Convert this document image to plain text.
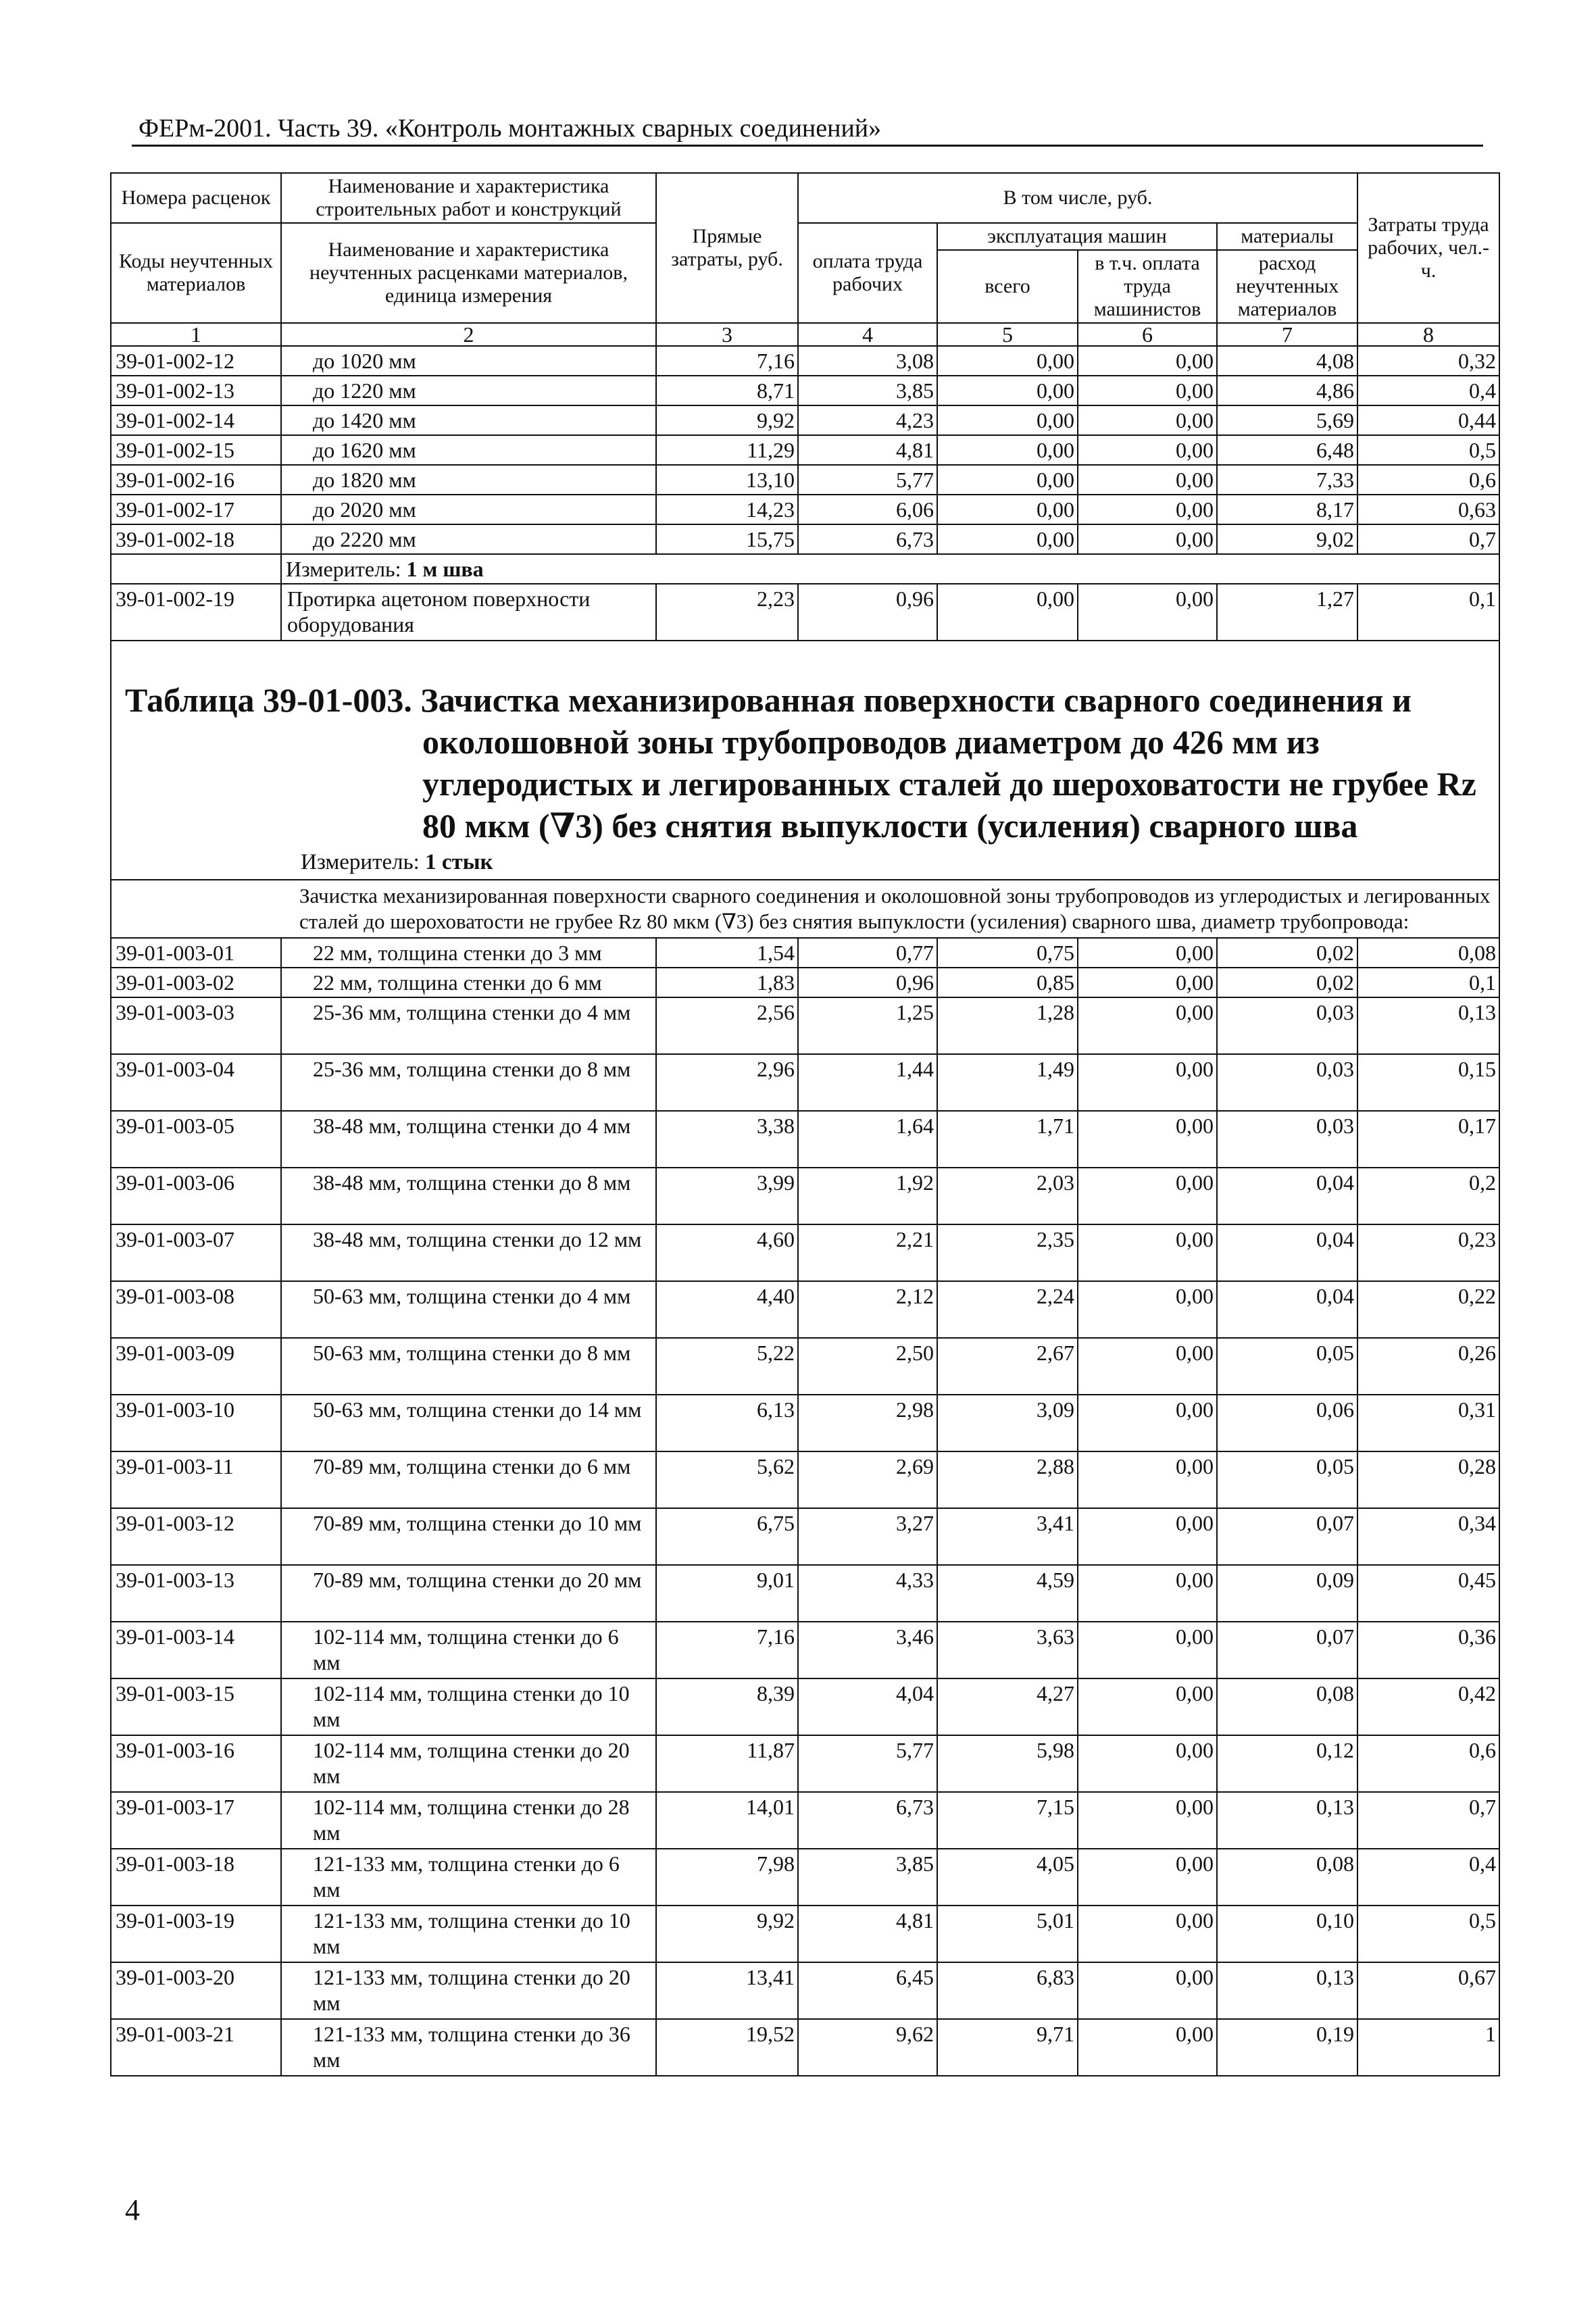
ФЕРм-2001. Часть 39. «Контроль монтажных сварных соединений»
Номера расценок	Наименование и характеристика строительных работ и конструкций	Прямые затраты, руб.	В том числе, руб.				Затраты труда рабочих, чел.-ч.
Коды неучтенных материалов	Наименование и характеристика неучтенных расценками материалов, единица измерения		оплата труда рабочих	эксплуатация машин		материалы	
				всего	в т.ч. оплата труда машинистов	расход неучтенных материалов	
1	2	3	4	5	6	7	8
39-01-002-12	до 1020 мм	7,16	3,08	0,00	0,00	4,08	0,32
39-01-002-13	до 1220 мм	8,71	3,85	0,00	0,00	4,86	0,4
39-01-002-14	до 1420 мм	9,92	4,23	0,00	0,00	5,69	0,44
39-01-002-15	до 1620 мм	11,29	4,81	0,00	0,00	6,48	0,5
39-01-002-16	до 1820 мм	13,10	5,77	0,00	0,00	7,33	0,6
39-01-002-17	до 2020 мм	14,23	6,06	0,00	0,00	8,17	0,63
39-01-002-18	до 2220 мм	15,75	6,73	0,00	0,00	9,02	0,7
	Измеритель: 1 м шва						
39-01-002-19	Протирка ацетоном поверхности оборудования	2,23	0,96	0,00	0,00	1,27	0,1

Таблица 39-01-003. Зачистка механизированная поверхности сварного соединения и
околошовной зоны трубопроводов диаметром до 426 мм из
углеродистых и легированных сталей до шероховатости не грубее Rz
80 мкм (∇3) без снятия выпуклости (усиления) сварного шва
Измеритель: 1 стык							

Зачистка механизированная поверхности сварного соединения и околошовной зоны трубопроводов из углеродистых и легированных сталей до шероховатости не грубее Rz 80 мкм (∇3) без снятия выпуклости (усиления) сварного шва, диаметр трубопровода:							
39-01-003-01	22 мм, толщина стенки до 3 мм	1,54	0,77	0,75	0,00	0,02	0,08
39-01-003-02	22 мм, толщина стенки до 6 мм	1,83	0,96	0,85	0,00	0,02	0,1
39-01-003-03	25-36 мм, толщина стенки до 4 мм	2,56	1,25	1,28	0,00	0,03	0,13
39-01-003-04	25-36 мм, толщина стенки до 8 мм	2,96	1,44	1,49	0,00	0,03	0,15
39-01-003-05	38-48 мм, толщина стенки до 4 мм	3,38	1,64	1,71	0,00	0,03	0,17
39-01-003-06	38-48 мм, толщина стенки до 8 мм	3,99	1,92	2,03	0,00	0,04	0,2
39-01-003-07	38-48 мм, толщина стенки до 12 мм	4,60	2,21	2,35	0,00	0,04	0,23
39-01-003-08	50-63 мм, толщина стенки до 4 мм	4,40	2,12	2,24	0,00	0,04	0,22
39-01-003-09	50-63 мм, толщина стенки до 8 мм	5,22	2,50	2,67	0,00	0,05	0,26
39-01-003-10	50-63 мм, толщина стенки до 14 мм	6,13	2,98	3,09	0,00	0,06	0,31
39-01-003-11	70-89 мм, толщина стенки до 6 мм	5,62	2,69	2,88	0,00	0,05	0,28
39-01-003-12	70-89 мм, толщина стенки до 10 мм	6,75	3,27	3,41	0,00	0,07	0,34
39-01-003-13	70-89 мм, толщина стенки до 20 мм	9,01	4,33	4,59	0,00	0,09	0,45
39-01-003-14	102-114 мм, толщина стенки до 6 мм	7,16	3,46	3,63	0,00	0,07	0,36
39-01-003-15	102-114 мм, толщина стенки до 10 мм	8,39	4,04	4,27	0,00	0,08	0,42
39-01-003-16	102-114 мм, толщина стенки до 20 мм	11,87	5,77	5,98	0,00	0,12	0,6
39-01-003-17	102-114 мм, толщина стенки до 28 мм	14,01	6,73	7,15	0,00	0,13	0,7
39-01-003-18	121-133 мм, толщина стенки до 6 мм	7,98	3,85	4,05	0,00	0,08	0,4
39-01-003-19	121-133 мм, толщина стенки до 10 мм	9,92	4,81	5,01	0,00	0,10	0,5
39-01-003-20	121-133 мм, толщина стенки до 20 мм	13,41	6,45	6,83	0,00	0,13	0,67
39-01-003-21	121-133 мм, толщина стенки до 36 мм	19,52	9,62	9,71	0,00	0,19	1
4
